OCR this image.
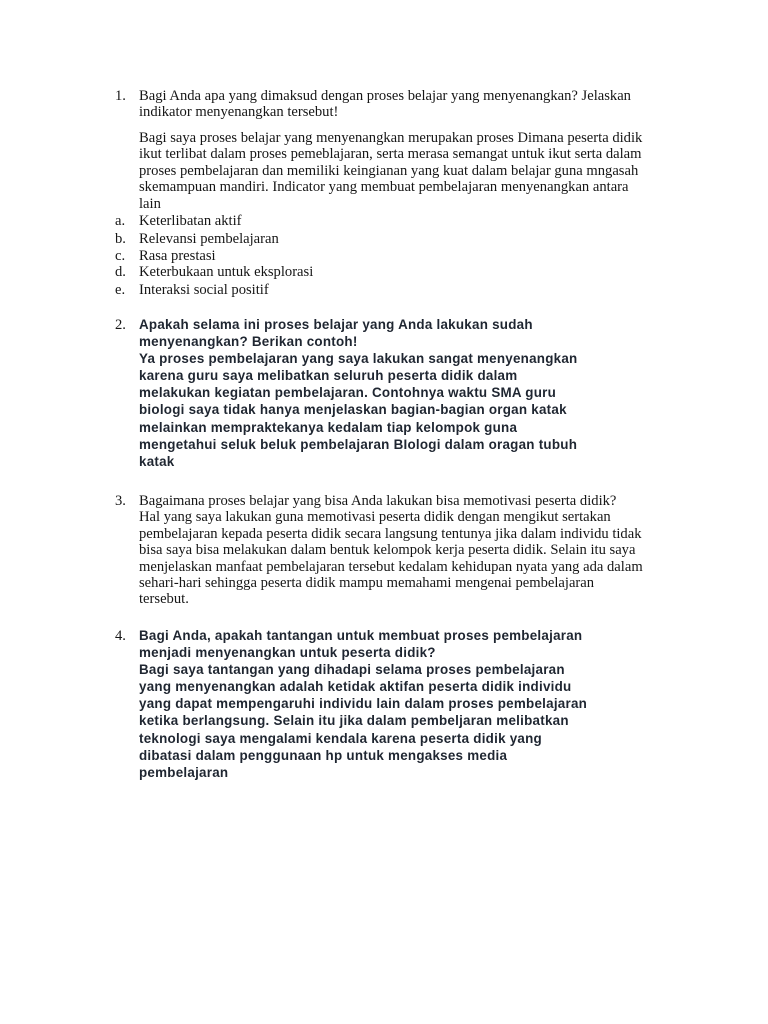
1. Bagi Anda apa yang dimaksud dengan proses belajar yang menyenangkan? Jelaskan
indikator menyenangkan tersebut!
Bagi saya proses belajar yang menyenangkan merupakan proses Dimana peserta didik
ikut terlibat dalam proses pemeblajaran, serta merasa semangat untuk ikut serta dalam
proses pembelajaran dan memiliki keingianan yang kuat dalam belajar guna mngasah
skemampuan mandiri. Indicator yang membuat pembelajaran menyenangkan antara
lain
a. Keterlibatan aktif
b. Relevansi pembelajaran
c. Rasa prestasi
d. Keterbukaan untuk eksplorasi
e. Interaksi social positif
2. Apakah selama ini proses belajar yang Anda lakukan sudah
menyenangkan? Berikan contoh!
Ya proses pembelajaran yang saya lakukan sangat menyenangkan
karena guru saya melibatkan seluruh peserta didik dalam
melakukan kegiatan pembelajaran. Contohnya waktu SMA guru
biologi saya tidak hanya menjelaskan bagian-bagian organ katak
melainkan mempraktekanya kedalam tiap kelompok guna
mengetahui seluk beluk pembelajaran BIologi dalam oragan tubuh
katak
3. Bagaimana proses belajar yang bisa Anda lakukan bisa memotivasi peserta didik?
Hal yang saya lakukan guna memotivasi peserta didik dengan mengikut sertakan
pembelajaran kepada peserta didik secara langsung tentunya jika dalam individu tidak
bisa saya bisa melakukan dalam bentuk kelompok kerja peserta didik. Selain itu saya
menjelaskan manfaat pembelajaran tersebut kedalam kehidupan nyata yang ada dalam
sehari-hari sehingga peserta didik mampu memahami mengenai pembelajaran
tersebut.
4. Bagi Anda, apakah tantangan untuk membuat proses pembelajaran
menjadi menyenangkan untuk peserta didik?
Bagi saya tantangan yang dihadapi selama proses pembelajaran
yang menyenangkan adalah ketidak aktifan peserta didik individu
yang dapat mempengaruhi individu lain dalam proses pembelajaran
ketika berlangsung. Selain itu jika dalam pembeljaran melibatkan
teknologi saya mengalami kendala karena peserta didik yang
dibatasi dalam penggunaan hp untuk mengakses media
pembelajaran
